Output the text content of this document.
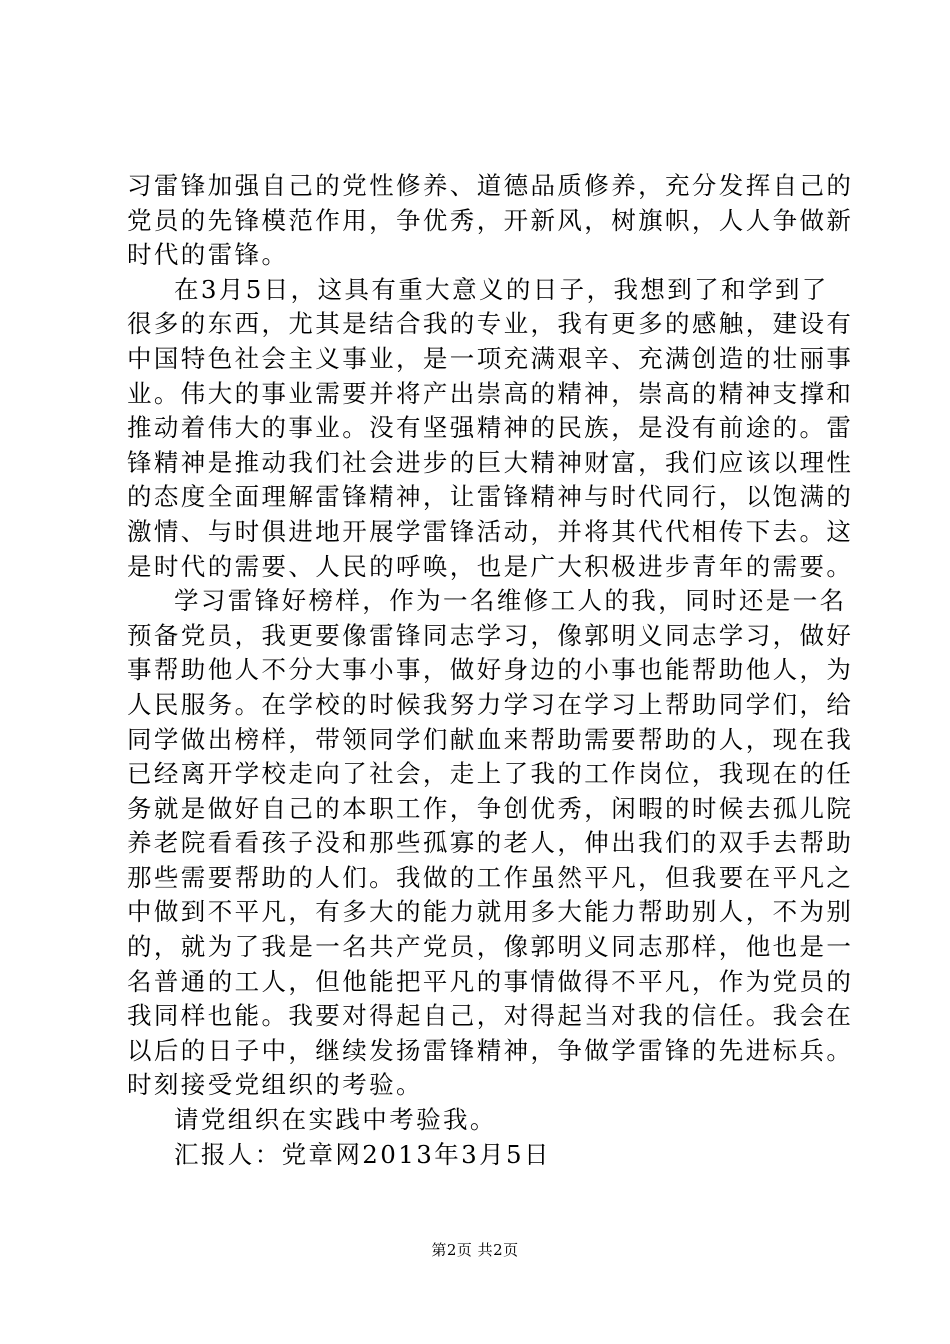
习雷锋加强自己的党性修养、道德品质修养，充分发挥自己的
党员的先锋模范作用，争优秀，开新风，树旗帜，人人争做新
时代的雷锋。
在3月5日，这具有重大意义的日子，我想到了和学到了
很多的东西，尤其是结合我的专业，我有更多的感触，建设有
中国特色社会主义事业，是一项充满艰辛、充满创造的壮丽事
业。伟大的事业需要并将产出崇高的精神，崇高的精神支撑和
推动着伟大的事业。没有坚强精神的民族，是没有前途的。雷
锋精神是推动我们社会进步的巨大精神财富，我们应该以理性
的态度全面理解雷锋精神，让雷锋精神与时代同行，以饱满的
激情、与时俱进地开展学雷锋活动，并将其代代相传下去。这
是时代的需要、人民的呼唤，也是广大积极进步青年的需要。
学习雷锋好榜样，作为一名维修工人的我，同时还是一名
预备党员，我更要像雷锋同志学习，像郭明义同志学习，做好
事帮助他人不分大事小事，做好身边的小事也能帮助他人，为
人民服务。在学校的时候我努力学习在学习上帮助同学们，给
同学做出榜样，带领同学们献血来帮助需要帮助的人，现在我
已经离开学校走向了社会，走上了我的工作岗位，我现在的任
务就是做好自己的本职工作，争创优秀，闲暇的时候去孤儿院
养老院看看孩子没和那些孤寡的老人，伸出我们的双手去帮助
那些需要帮助的人们。我做的工作虽然平凡，但我要在平凡之
中做到不平凡，有多大的能力就用多大能力帮助别人，不为别
的，就为了我是一名共产党员，像郭明义同志那样，他也是一
名普通的工人，但他能把平凡的事情做得不平凡，作为党员的
我同样也能。我要对得起自己，对得起当对我的信任。我会在
以后的日子中，继续发扬雷锋精神，争做学雷锋的先进标兵。
时刻接受党组织的考验。
请党组织在实践中考验我。
汇报人：党章网2013年3月5日
第2页 共2页
